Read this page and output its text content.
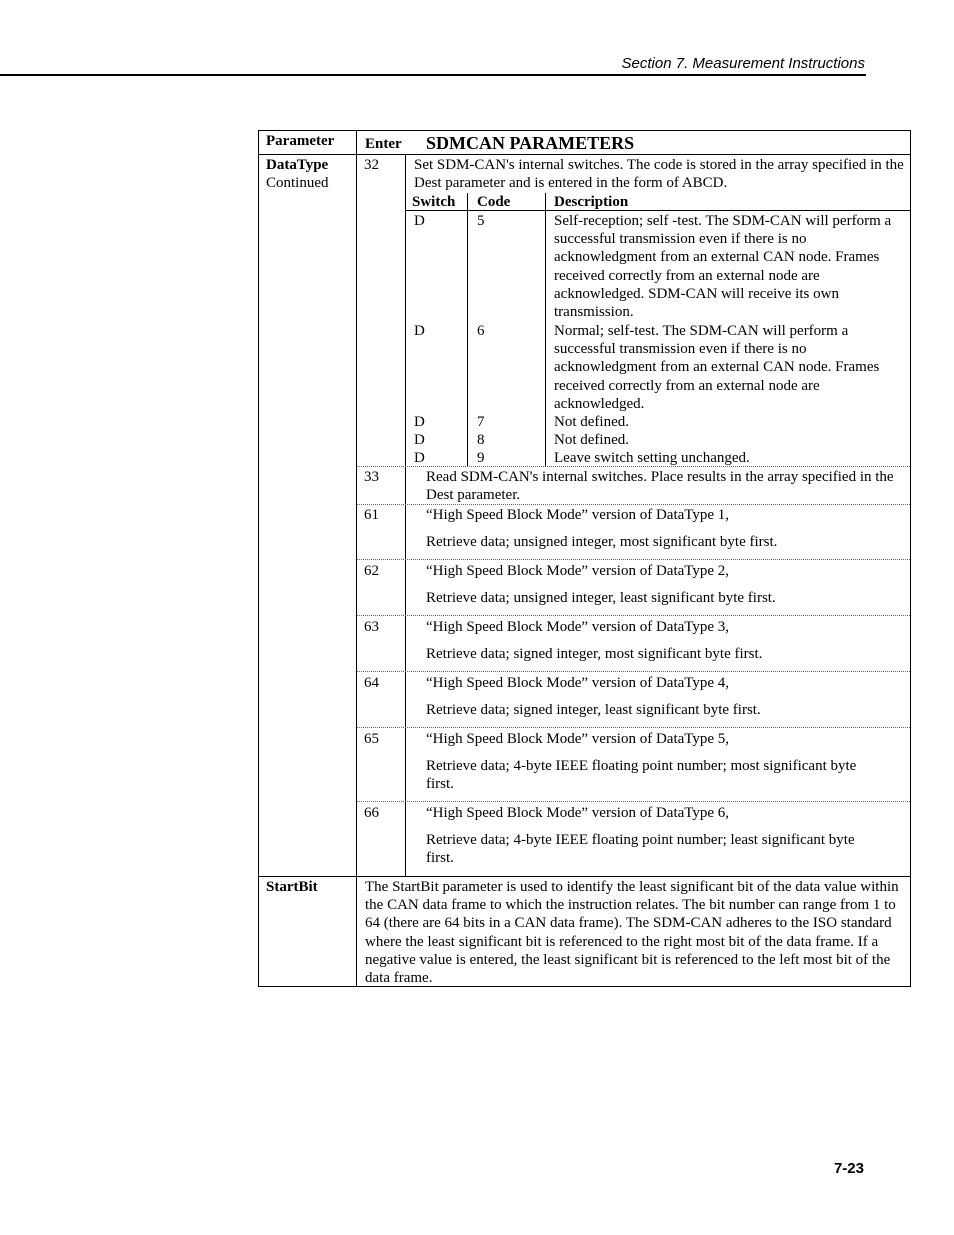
Section 7. Measurement Instructions
Parameter Enter SDMCAN PARAMETERS
DataType
Continued
32 Set SDM-CAN's internal switches. The code is stored in the array specified in the Dest parameter and is entered in the form of ABCD.
Switch Code	Description
D	5	Self-reception; self -test. The SDM-CAN will perform a successful transmission even if there is no acknowledgment from an external CAN node. Frames received correctly from an external node are acknowledged. SDM-CAN will receive its own transmission.
D	6	Normal; self-test. The SDM-CAN will perform a successful transmission even if there is no acknowledgment from an external CAN node. Frames received correctly from an external node are acknowledged.
D	7	Not defined.
D	8	Not defined.
D	9	Leave switch setting unchanged.
33	Read SDM-CAN's internal switches. Place results in the array specified in the Dest parameter.
61	“High Speed Block Mode” version of DataType 1,
Retrieve data; unsigned integer, most significant byte first.
62	“High Speed Block Mode” version of DataType 2,
Retrieve data; unsigned integer, least significant byte first.
63	“High Speed Block Mode” version of DataType 3,
Retrieve data; signed integer, most significant byte first.
64	“High Speed Block Mode” version of DataType 4,
Retrieve data; signed integer, least significant byte first.
65	“High Speed Block Mode” version of DataType 5,
Retrieve data; 4-byte IEEE floating point number; most significant byte first.
66	“High Speed Block Mode” version of DataType 6,
Retrieve data; 4-byte IEEE floating point number; least significant byte first.
StartBit	The StartBit parameter is used to identify the least significant bit of the data value within the CAN data frame to which the instruction relates. The bit number can range from 1 to 64 (there are 64 bits in a CAN data frame). The SDM-CAN adheres to the ISO standard where the least significant bit is referenced to the right most bit of the data frame. If a negative value is entered, the least significant bit is referenced to the left most bit of the data frame.
7-23
